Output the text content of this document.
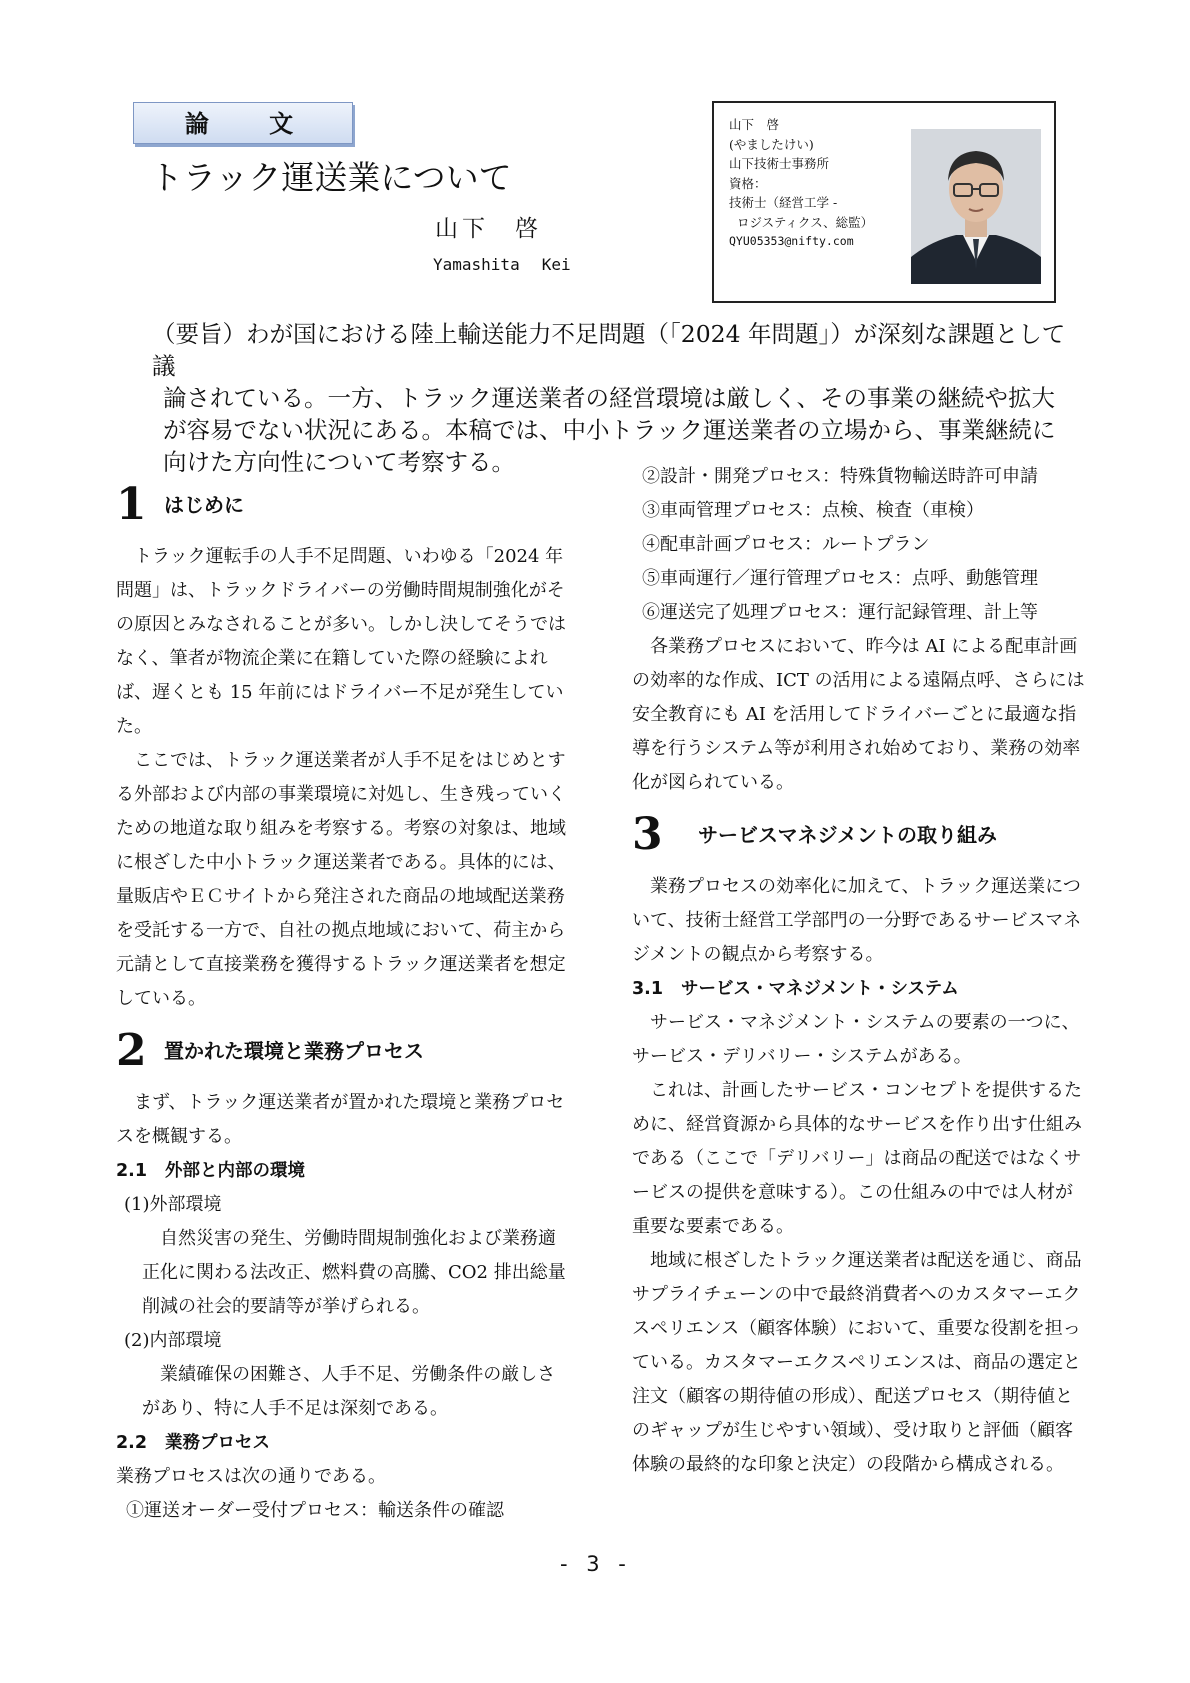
論 文
トラック運送業について
山下 啓
Yamashita Kei
山下　啓
(やましたけい)
山下技術士事務所
資格：
技術士（経営工学 -
ロジスティクス、総監）
QYU05353@nifty.com

（要旨）わが国における陸上輸送能力不足問題（「2024 年問題」）が深刻な課題として議

論されている。一方、トラック運送業者の経営環境は厳しく、その事業の継続や拡大

が容易でない状況にある。本稿では、中小トラック運送業者の立場から、事業継続に

向けた方向性について考察する。

1 はじめに

トラック運転手の人手不足問題、いわゆる「2024 年問題」は、トラックドライバーの労働時間規制強化がその原因とみなされることが多い。しかし決してそうではなく、筆者が物流企業に在籍していた際の経験によれば、遅くとも 15 年前にはドライバー不足が発生していた。

ここでは、トラック運送業者が人手不足をはじめとする外部および内部の事業環境に対処し、生き残っていくための地道な取り組みを考察する。考察の対象は、地域に根ざした中小トラック運送業者である。具体的には、量販店やＥＣサイトから発注された商品の地域配送業務を受託する一方で、自社の拠点地域において、荷主から元請として直接業務を獲得するトラック運送業者を想定している。

2 置かれた環境と業務プロセス

まず、トラック運送業者が置かれた環境と業務プロセスを概観する。

2.1 外部と内部の環境

(1)外部環境

自然災害の発生、労働時間規制強化および業務適正化に関わる法改正、燃料費の高騰、CO2 排出総量削減の社会的要請等が挙げられる。

(2)内部環境

業績確保の困難さ、人手不足、労働条件の厳しさがあり、特に人手不足は深刻である。

2.2 業務プロセス

業務プロセスは次の通りである。

①運送オーダー受付プロセス：輸送条件の確認

②設計・開発プロセス：特殊貨物輸送時許可申請

③車両管理プロセス：点検、検査（車検）

④配車計画プロセス：ルートプラン

⑤車両運行／運行管理プロセス：点呼、動態管理

⑥運送完了処理プロセス：運行記録管理、計上等

各業務プロセスにおいて、昨今は AI による配車計画の効率的な作成、ICT の活用による遠隔点呼、さらには安全教育にも AI を活用してドライバーごとに最適な指導を行うシステム等が利用され始めており、業務の効率化が図られている。

3	サービスマネジメントの取り組み

業務プロセスの効率化に加えて、トラック運送業について、技術士経営工学部門の一分野であるサービスマネジメントの観点から考察する。

3.1 サービス・マネジメント・システム

サービス・マネジメント・システムの要素の一つに、サービス・デリバリー・システムがある。

これは、計画したサービス・コンセプトを提供するために、経営資源から具体的なサービスを作り出す仕組みである（ここで「デリバリー」は商品の配送ではなくサービスの提供を意味する）。この仕組みの中では人材が重要な要素である。

地域に根ざしたトラック運送業者は配送を通じ、商品サプライチェーンの中で最終消費者へのカスタマーエクスペリエンス（顧客体験）において、重要な役割を担っている。カスタマーエクスペリエンスは、商品の選定と注文（顧客の期待値の形成）、配送プロセス（期待値とのギャップが生じやすい領域）、受け取りと評価（顧客体験の最終的な印象と決定）の段階から構成される。

- 3 -
